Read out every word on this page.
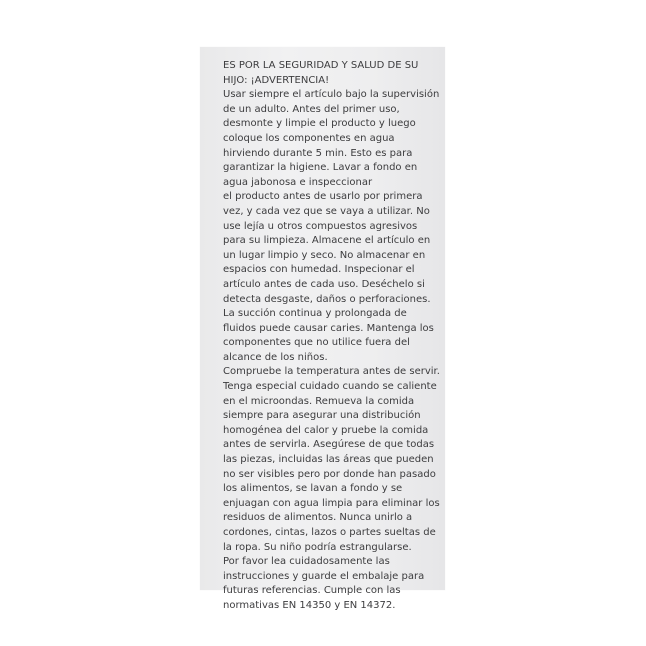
ES POR LA SEGURIDAD Y SALUD DE SU
HIJO: ¡ADVERTENCIA!
Usar siempre el artículo bajo la supervisión
de un adulto. Antes del primer uso,
desmonte y limpie el producto y luego
coloque los componentes en agua
hirviendo durante 5 min. Esto es para
garantizar la higiene. Lavar a fondo en
agua jabonosa e inspeccionar
el producto antes de usarlo por primera
vez, y cada vez que se vaya a utilizar. No
use lejía u otros compuestos agresivos
para su limpieza. Almacene el artículo en
un lugar limpio y seco. No almacenar en
espacios con humedad. Inspecionar el
artículo antes de cada uso. Deséchelo si
detecta desgaste, daños o perforaciones.
La succión continua y prolongada de
fluidos puede causar caries. Mantenga los
componentes que no utilice fuera del
alcance de los niños.
Compruebe la temperatura antes de servir.
Tenga especial cuidado cuando se caliente
en el microondas. Remueva la comida
siempre para asegurar una distribución
homogénea del calor y pruebe la comida
antes de servirla. Asegúrese de que todas
las piezas, incluidas las áreas que pueden
no ser visibles pero por donde han pasado
los alimentos, se lavan a fondo y se
enjuagan con agua limpia para eliminar los
residuos de alimentos. Nunca unirlo a
cordones, cintas, lazos o partes sueltas de
la ropa. Su niño podría estrangularse.
Por favor lea cuidadosamente las
instrucciones y guarde el embalaje para
futuras referencias. Cumple con las
normativas EN 14350 y EN 14372.
